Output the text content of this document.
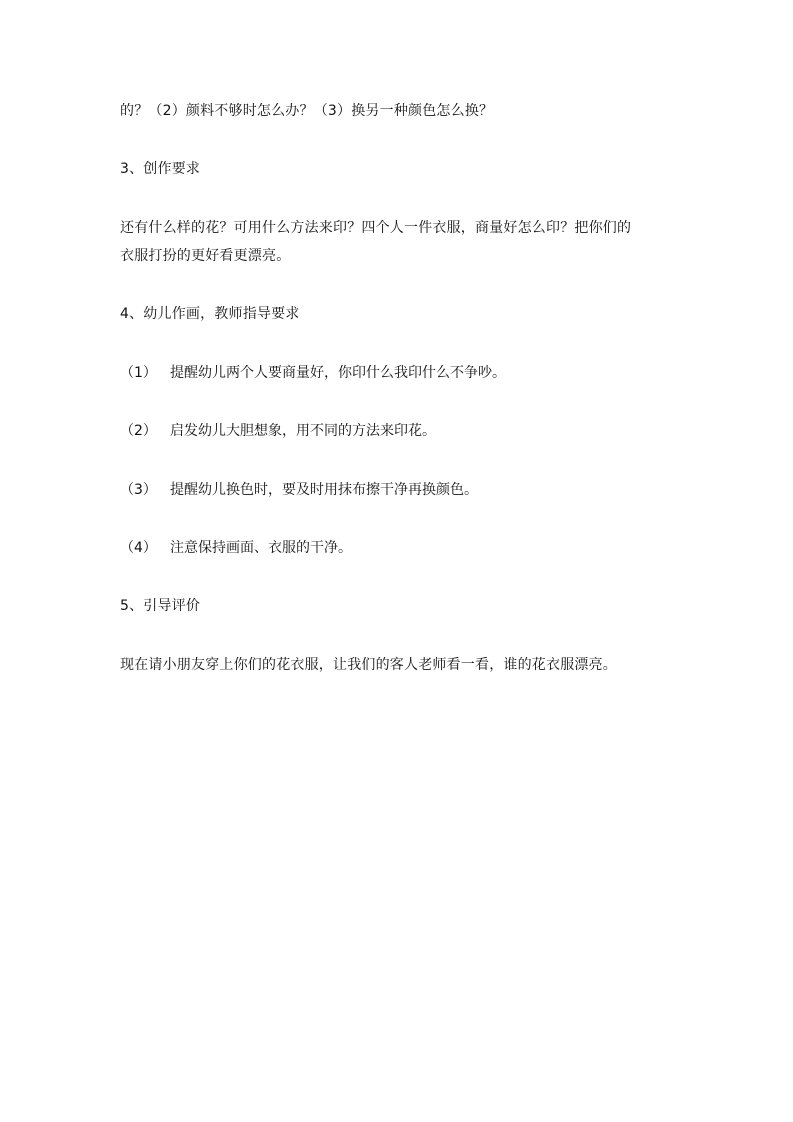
的？（2）颜料不够时怎么办？（3）换另一种颜色怎么换？
3、创作要求
还有什么样的花？可用什么方法来印？四个人一件衣服，商量好怎么印？把你们的
衣服打扮的更好看更漂亮。
4、幼儿作画，教师指导要求
（1） 提醒幼儿两个人要商量好，你印什么我印什么不争吵。
（2） 启发幼儿大胆想象，用不同的方法来印花。
（3） 提醒幼儿换色时，要及时用抹布擦干净再换颜色。
（4） 注意保持画面、衣服的干净。
5、引导评价
现在请小朋友穿上你们的花衣服，让我们的客人老师看一看，谁的花衣服漂亮。
